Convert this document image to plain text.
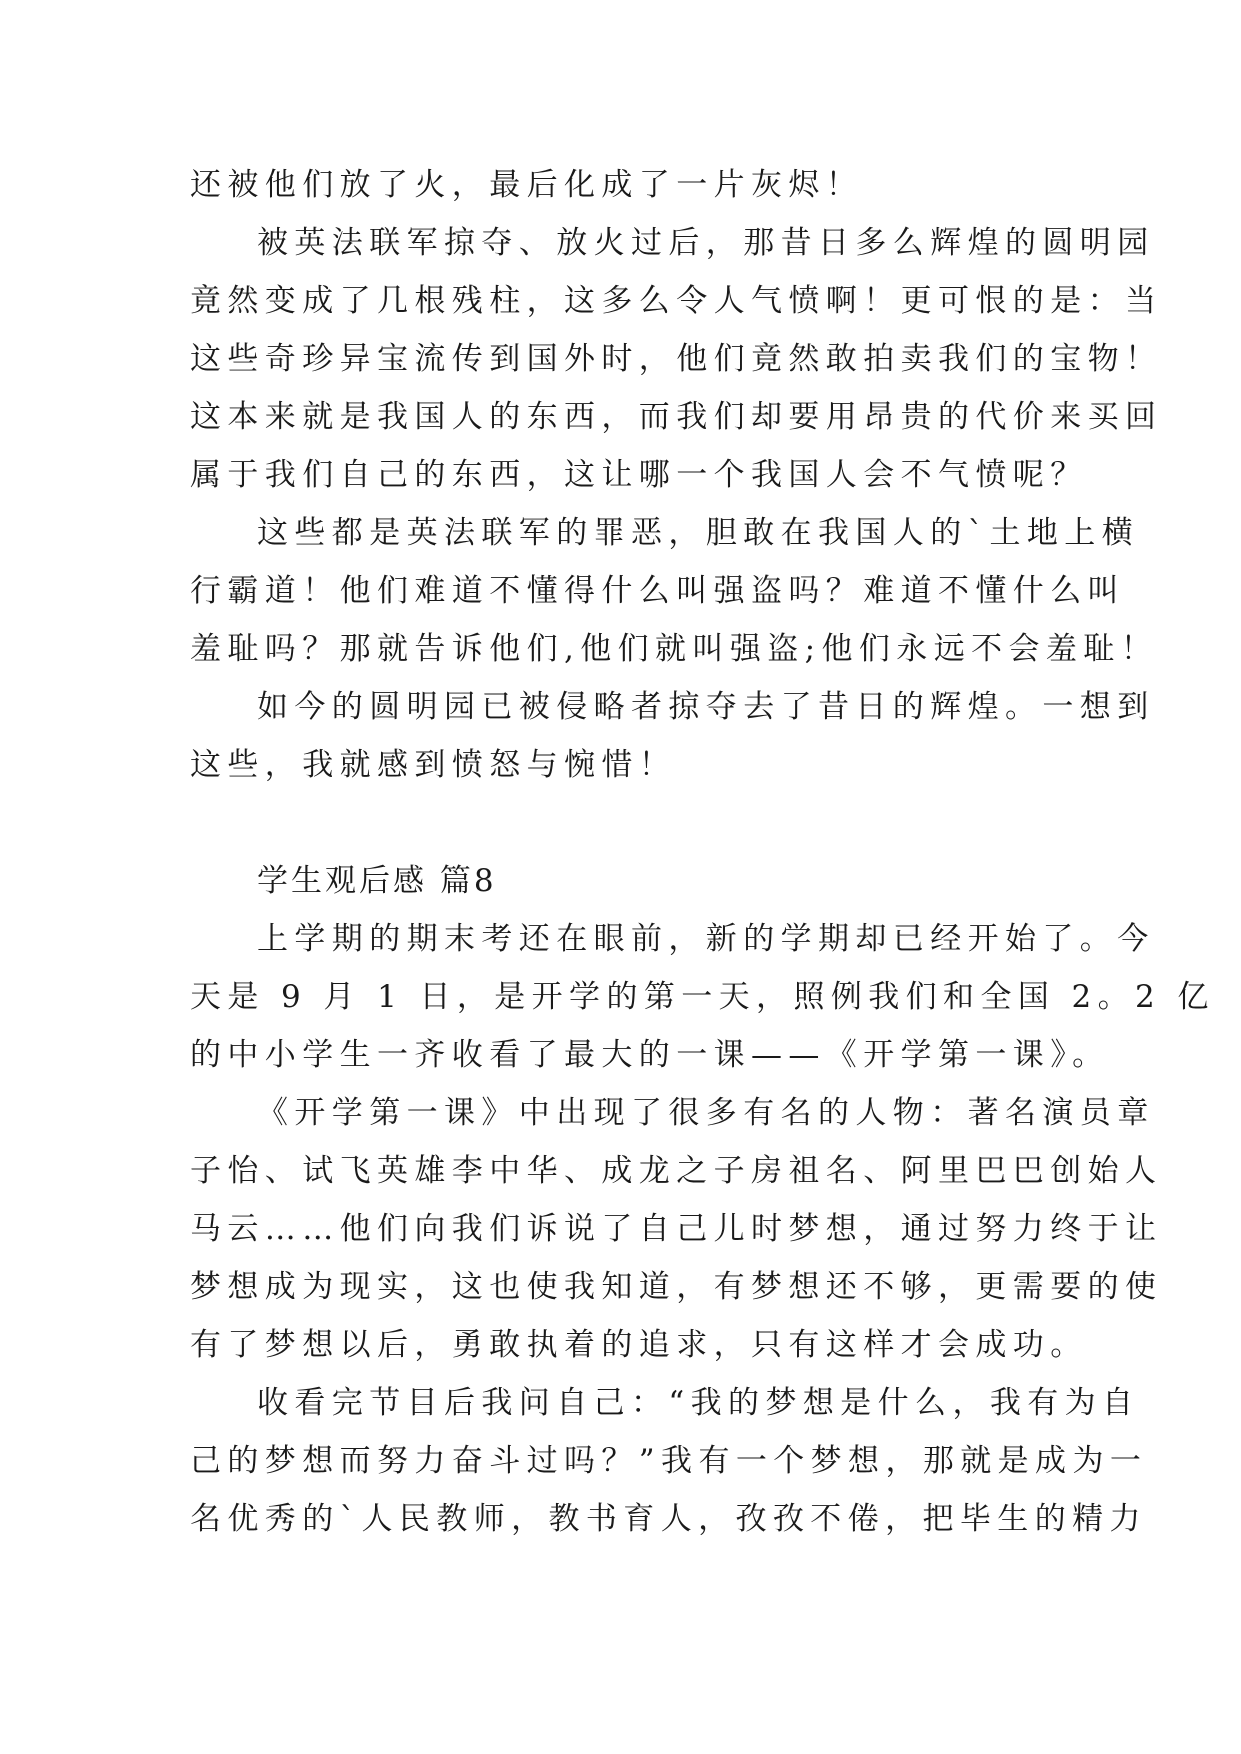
还被他们放了火，最后化成了一片灰烬！
被英法联军掠夺、放火过后，那昔日多么辉煌的圆明园
竟然变成了几根残柱，这多么令人气愤啊！更可恨的是：当
这些奇珍异宝流传到国外时，他们竟然敢拍卖我们的宝物！
这本来就是我国人的东西，而我们却要用昂贵的代价来买回
属于我们自己的东西，这让哪一个我国人会不气愤呢？
这些都是英法联军的罪恶，胆敢在我国人的`土地上横
行霸道！他们难道不懂得什么叫强盗吗？难道不懂什么叫
羞耻吗？那就告诉他们,他们就叫强盗;他们永远不会羞耻！
如今的圆明园已被侵略者掠夺去了昔日的辉煌。一想到
这些，我就感到愤怒与惋惜！
学生观后感 篇8
上学期的期末考还在眼前，新的学期却已经开始了。今
天是 9 月 1 日，是开学的第一天，照例我们和全国 2。2 亿
的中小学生一齐收看了最大的一课——《开学第一课》。
《开学第一课》中出现了很多有名的人物：著名演员章
子怡、试飞英雄李中华、成龙之子房祖名、阿里巴巴创始人
马云……他们向我们诉说了自己儿时梦想，通过努力终于让
梦想成为现实，这也使我知道，有梦想还不够，更需要的使
有了梦想以后，勇敢执着的追求，只有这样才会成功。
收看完节目后我问自己：“我的梦想是什么，我有为自
己的梦想而努力奋斗过吗？”我有一个梦想，那就是成为一
名优秀的`人民教师，教书育人，孜孜不倦，把毕生的精力
